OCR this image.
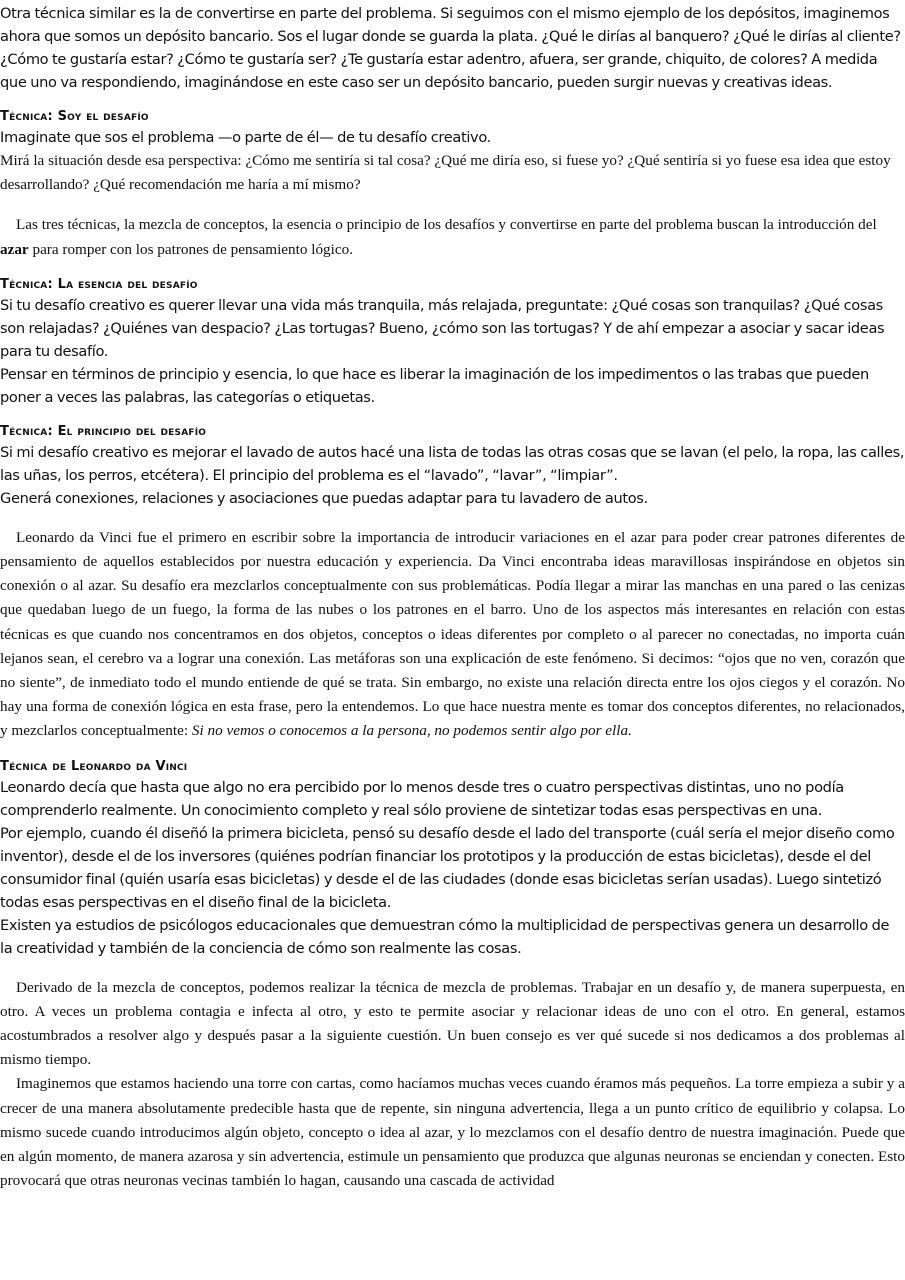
Otra técnica similar es la de convertirse en parte del problema. Si seguimos con el mismo ejemplo de los depósitos, imaginemos ahora que somos un depósito bancario. Sos el lugar donde se guarda la plata. ¿Qué le dirías al banquero? ¿Qué le dirías al cliente? ¿Cómo te gustaría estar? ¿Cómo te gustaría ser? ¿Te gustaría estar adentro, afuera, ser grande, chiquito, de colores? A medida que uno va respondiendo, imaginándose en este caso ser un depósito bancario, pueden surgir nuevas y creativas ideas.

Técnica: Soy el desafío

Imaginate que sos el problema —o parte de él— de tu desafío creativo.

Mirá la situación desde esa perspectiva: ¿Cómo me sentiría si tal cosa? ¿Qué me diría eso, si fuese yo? ¿Qué sentiría si yo fuese esa idea que estoy desarrollando? ¿Qué recomendación me haría a mí mismo?

Las tres técnicas, la mezcla de conceptos, la esencia o principio de los desafíos y convertirse en parte del problema buscan la introducción del azar para romper con los patrones de pensamiento lógico.

Técnica: La esencia del desafío

Si tu desafío creativo es querer llevar una vida más tranquila, más relajada, preguntate: ¿Qué cosas son tranquilas? ¿Qué cosas son relajadas? ¿Quiénes van despacio? ¿Las tortugas? Bueno, ¿cómo son las tortugas? Y de ahí empezar a asociar y sacar ideas para tu desafío.

Pensar en términos de principio y esencia, lo que hace es liberar la imaginación de los impedimentos o las trabas que pueden poner a veces las palabras, las categorías o etiquetas.

Técnica: El principio del desafío

Si mi desafío creativo es mejorar el lavado de autos hacé una lista de todas las otras cosas que se lavan (el pelo, la ropa, las calles, las uñas, los perros, etcétera). El principio del problema es el “lavado”, “lavar”, “limpiar”.

Generá conexiones, relaciones y asociaciones que puedas adaptar para tu lavadero de autos.

Leonardo da Vinci fue el primero en escribir sobre la importancia de introducir variaciones en el azar para poder crear patrones diferentes de pensamiento de aquellos establecidos por nuestra educación y experiencia. Da Vinci encontraba ideas maravillosas inspirándose en objetos sin conexión o al azar. Su desafío era mezclarlos conceptualmente con sus problemáticas. Podía llegar a mirar las manchas en una pared o las cenizas que quedaban luego de un fuego, la forma de las nubes o los patrones en el barro. Uno de los aspectos más interesantes en relación con estas técnicas es que cuando nos concentramos en dos objetos, conceptos o ideas diferentes por completo o al parecer no conectadas, no importa cuán lejanos sean, el cerebro va a lograr una conexión. Las metáforas son una explicación de este fenómeno. Si decimos: “ojos que no ven, corazón que no siente”, de inmediato todo el mundo entiende de qué se trata. Sin embargo, no existe una relación directa entre los ojos ciegos y el corazón. No hay una forma de conexión lógica en esta frase, pero la entendemos. Lo que hace nuestra mente es tomar dos conceptos diferentes, no relacionados, y mezclarlos conceptualmente: Si no vemos o conocemos a la persona, no podemos sentir algo por ella.

Técnica de Leonardo da Vinci

Leonardo decía que hasta que algo no era percibido por lo menos desde tres o cuatro perspectivas distintas, uno no podía comprenderlo realmente. Un conocimiento completo y real sólo proviene de sintetizar todas esas perspectivas en una.

Por ejemplo, cuando él diseñó la primera bicicleta, pensó su desafío desde el lado del transporte (cuál sería el mejor diseño como inventor), desde el de los inversores (quiénes podrían financiar los prototipos y la producción de estas bicicletas), desde el del consumidor final (quién usaría esas bicicletas) y desde el de las ciudades (donde esas bicicletas serían usadas). Luego sintetizó todas esas perspectivas en el diseño final de la bicicleta.

Existen ya estudios de psicólogos educacionales que demuestran cómo la multiplicidad de perspectivas genera un desarrollo de la creatividad y también de la conciencia de cómo son realmente las cosas.

Derivado de la mezcla de conceptos, podemos realizar la técnica de mezcla de problemas. Trabajar en un desafío y, de manera superpuesta, en otro. A veces un problema contagia e infecta al otro, y esto te permite asociar y relacionar ideas de uno con el otro. En general, estamos acostumbrados a resolver algo y después pasar a la siguiente cuestión. Un buen consejo es ver qué sucede si nos dedicamos a dos problemas al mismo tiempo.

Imaginemos que estamos haciendo una torre con cartas, como hacíamos muchas veces cuando éramos más pequeños. La torre empieza a subir y a crecer de una manera absolutamente predecible hasta que de repente, sin ninguna advertencia, llega a un punto crítico de equilibrio y colapsa. Lo mismo sucede cuando introducimos algún objeto, concepto o idea al azar, y lo mezclamos con el desafío dentro de nuestra imaginación. Puede que en algún momento, de manera azarosa y sin advertencia, estimule un pensamiento que produzca que algunas neuronas se enciendan y conecten. Esto provocará que otras neuronas vecinas también lo hagan, causando una cascada de actividad
